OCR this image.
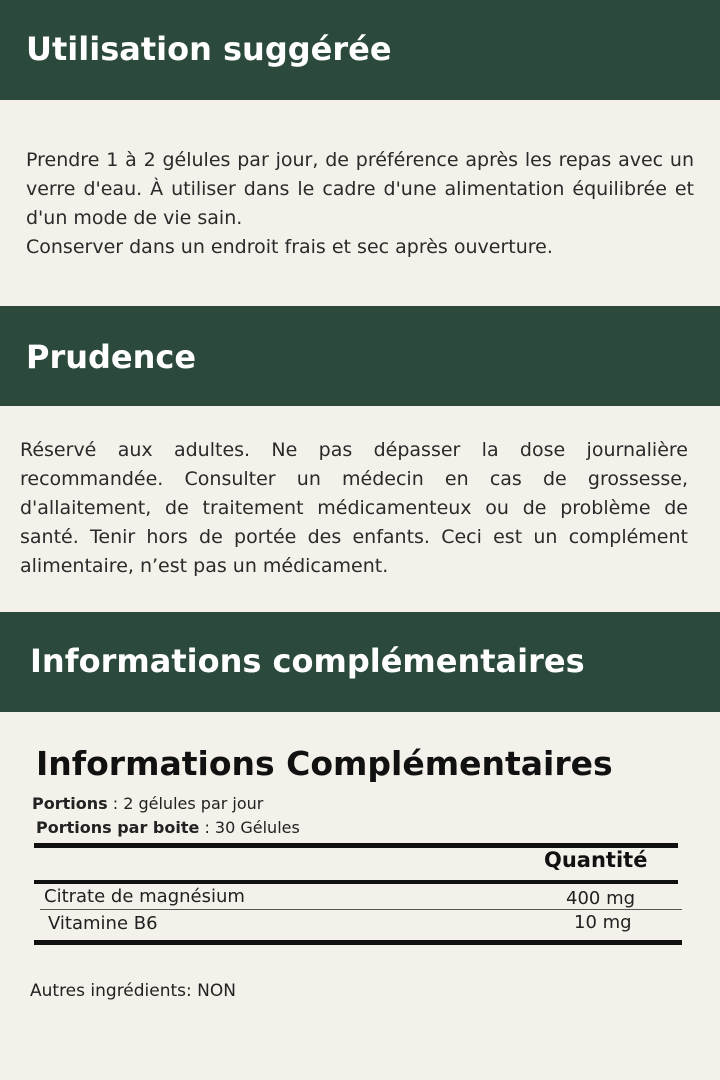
Utilisation suggérée

Prendre 1 à 2 gélules par jour, de préférence après les repas avec un verre d'eau. À utiliser dans le cadre d'une alimentation équilibrée et d'un mode de vie sain.

Conserver dans un endroit frais et sec après ouverture.

Prudence

Réservé aux adultes. Ne pas dépasser la dose journalière recommandée. Consulter un médecin en cas de grossesse, d'allaitement, de traitement médicamenteux ou de problème de santé. Tenir hors de portée des enfants. Ceci est un complément alimentaire, n’est pas un médicament.

Informations complémentaires
Informations Complémentaires
Portions : 2 gélules par jour
Portions par boite : 30 Gélules
Quantité
Citrate de magnésium	400 mg
Vitamine B6	10 mg
Autres ingrédients: NON
